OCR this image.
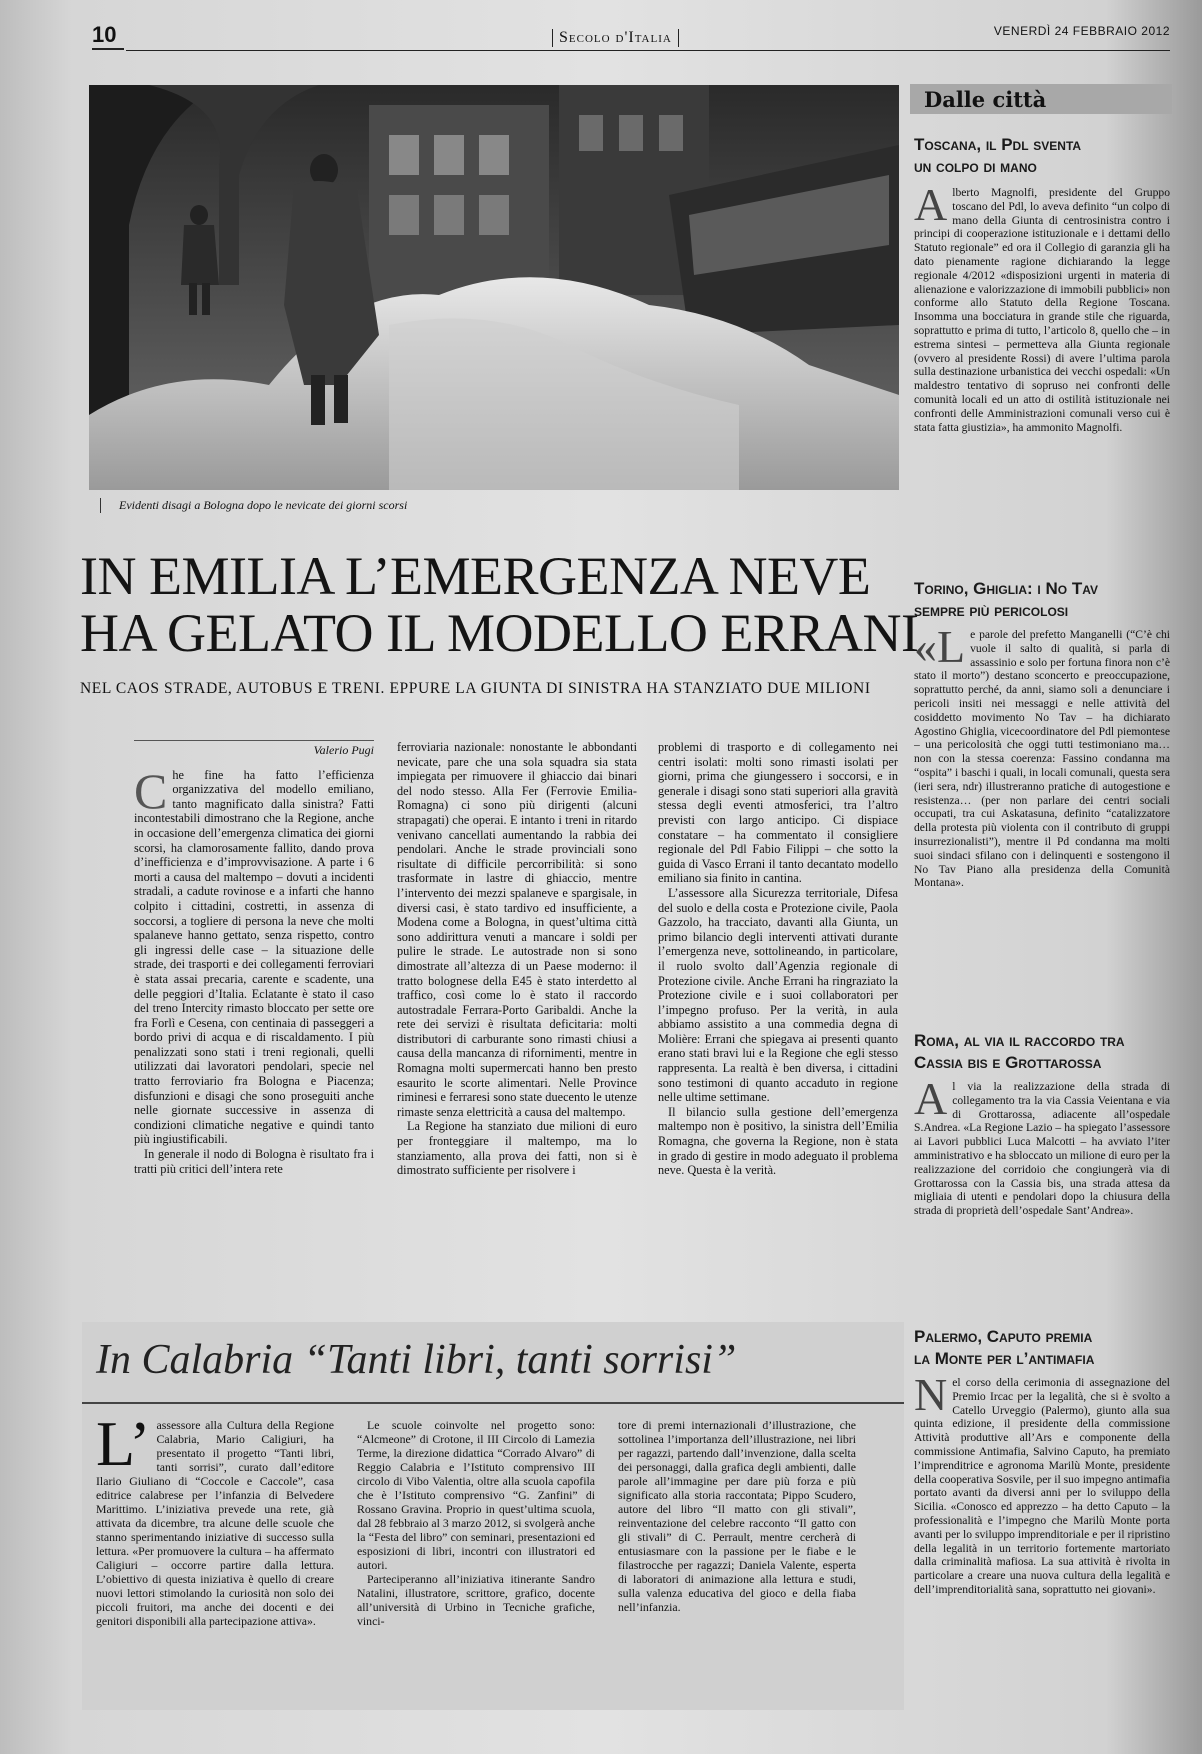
10	Secolo d'Italia	VENERDÌ 24 FEBBRAIO 2012
Evidenti disagi a Bologna dopo le nevicate dei giorni scorsi
IN EMILIA L’EMERGENZA NEVE
HA GELATO IL MODELLO ERRANI
NEL CAOS STRADE, AUTOBUS E TRENI. EPPURE LA GIUNTA DI SINISTRA HA STANZIATO DUE MILIONI
Valerio Pugi

Che fine ha fatto l’efficienza organizzativa del modello emiliano, tanto magnificato dalla sinistra? Fatti incontestabili dimostrano che la Regione, anche in occasione dell’emergenza climatica dei giorni scorsi, ha clamorosamente fallito, dando prova d’inefficienza e d’improvvisazione. A parte i 6 morti a causa del maltempo – dovuti a incidenti stradali, a cadute rovinose e a infarti che hanno colpito i cittadini, costretti, in assenza di soccorsi, a togliere di persona la neve che molti spalaneve hanno gettato, senza rispetto, contro gli ingressi delle case – la situazione delle strade, dei trasporti e dei collegamenti ferroviari è stata assai precaria, carente e scadente, una delle peggiori d’Italia. Eclatante è stato il caso del treno Intercity rimasto bloccato per sette ore fra Forlì e Cesena, con centinaia di passeggeri a bordo privi di acqua e di riscaldamento. I più penalizzati sono stati i treni regionali, quelli utilizzati dai lavoratori pendolari, specie nel tratto ferroviario fra Bologna e Piacenza; disfunzioni e disagi che sono proseguiti anche nelle giornate successive in assenza di condizioni climatiche negative e quindi tanto più ingiustificabili.

In generale il nodo di Bologna è risultato fra i tratti più critici dell’intera rete

ferroviaria nazionale: nonostante le abbondanti nevicate, pare che una sola squadra sia stata impiegata per rimuovere il ghiaccio dai binari del nodo stesso. Alla Fer (Ferrovie Emilia-Romagna) ci sono più dirigenti (alcuni strapagati) che operai. E intanto i treni in ritardo venivano cancellati aumentando la rabbia dei pendolari. Anche le strade provinciali sono risultate di difficile percorribilità: si sono trasformate in lastre di ghiaccio, mentre l’intervento dei mezzi spalaneve e spargisale, in diversi casi, è stato tardivo ed insufficiente, a Modena come a Bologna, in quest’ultima città sono addirittura venuti a mancare i soldi per pulire le strade. Le autostrade non si sono dimostrate all’altezza di un Paese moderno: il tratto bolognese della E45 è stato interdetto al traffico, così come lo è stato il raccordo autostradale Ferrara-Porto Garibaldi. Anche la rete dei servizi è risultata deficitaria: molti distributori di carburante sono rimasti chiusi a causa della mancanza di rifornimenti, mentre in Romagna molti supermercati hanno ben presto esaurito le scorte alimentari. Nelle Province riminesi e ferraresi sono state duecento le utenze rimaste senza elettricità a causa del maltempo.

La Regione ha stanziato due milioni di euro per fronteggiare il maltempo, ma lo stanziamento, alla prova dei fatti, non si è dimostrato sufficiente per risolvere i

problemi di trasporto e di collegamento nei centri isolati: molti sono rimasti isolati per giorni, prima che giungessero i soccorsi, e in generale i disagi sono stati superiori alla gravità stessa degli eventi atmosferici, tra l’altro previsti con largo anticipo. Ci dispiace constatare – ha commentato il consigliere regionale del Pdl Fabio Filippi – che sotto la guida di Vasco Errani il tanto decantato modello emiliano sia finito in cantina.

L’assessore alla Sicurezza territoriale, Difesa del suolo e della costa e Protezione civile, Paola Gazzolo, ha tracciato, davanti alla Giunta, un primo bilancio degli interventi attivati durante l’emergenza neve, sottolineando, in particolare, il ruolo svolto dall’Agenzia regionale di Protezione civile. Anche Errani ha ringraziato la Protezione civile e i suoi collaboratori per l’impegno profuso. Per la verità, in aula abbiamo assistito a una commedia degna di Molière: Errani che spiegava ai presenti quanto erano stati bravi lui e la Regione che egli stesso rappresenta. La realtà è ben diversa, i cittadini sono testimoni di quanto accaduto in regione nelle ultime settimane.

Il bilancio sulla gestione dell’emergenza maltempo non è positivo, la sinistra dell’Emilia Romagna, che governa la Regione, non è stata in grado di gestire in modo adeguato il problema neve. Questa è la verità.

In Calabria “Tanti libri, tanti sorrisi”

L’ assessore alla Cultura della Regione Calabria, Mario Caligiuri, ha presentato il progetto “Tanti libri, tanti sorrisi”, curato dall’editore Ilario Giuliano di “Coccole e Caccole”, casa editrice calabrese per l’infanzia di Belvedere Marittimo. L’iniziativa prevede una rete, già attivata da dicembre, tra alcune delle scuole che stanno sperimentando iniziative di successo sulla lettura. «Per promuovere la cultura – ha affermato Caligiuri – occorre partire dalla lettura. L’obiettivo di questa iniziativa è quello di creare nuovi lettori stimolando la curiosità non solo dei piccoli fruitori, ma anche dei docenti e dei genitori disponibili alla partecipazione attiva».

Le scuole coinvolte nel progetto sono: “Alcmeone” di Crotone, il III Circolo di Lamezia Terme, la direzione didattica “Corrado Alvaro” di Reggio Calabria e l’Istituto comprensivo III circolo di Vibo Valentia, oltre alla scuola capofila che è l’Istituto comprensivo “G. Zanfini” di Rossano Gravina. Proprio in quest’ultima scuola, dal 28 febbraio al 3 marzo 2012, si svolgerà anche la “Festa del libro” con seminari, presentazioni ed esposizioni di libri, incontri con illustratori ed autori.

Parteciperanno all’iniziativa itinerante Sandro Natalini, illustratore, scrittore, grafico, docente all’università di Urbino in Tecniche grafiche, vinci-

tore di premi internazionali d’illustrazione, che sottolinea l’importanza dell’illustrazione, nei libri per ragazzi, partendo dall’invenzione, dalla scelta dei personaggi, dalla grafica degli ambienti, dalle parole all’immagine per dare più forza e più significato alla storia raccontata; Pippo Scudero, autore del libro “Il matto con gli stivali”, reinventazione del celebre racconto “Il gatto con gli stivali” di C. Perrault, mentre cercherà di entusiasmare con la passione per le fiabe e le filastrocche per ragazzi; Daniela Valente, esperta di laboratori di animazione alla lettura e studi, sulla valenza educativa del gioco e della fiaba nell’infanzia.

Dalle città
Toscana, il Pdl sventa
un colpo di mano

Alberto Magnolfi, presidente del Gruppo toscano del Pdl, lo aveva definito “un colpo di mano della Giunta di centrosinistra contro i principi di cooperazione istituzionale e i dettami dello Statuto regionale” ed ora il Collegio di garanzia gli ha dato pienamente ragione dichiarando la legge regionale 4/2012 «disposizioni urgenti in materia di alienazione e valorizzazione di immobili pubblici» non conforme allo Statuto della Regione Toscana. Insomma una bocciatura in grande stile che riguarda, soprattutto e prima di tutto, l’articolo 8, quello che – in estrema sintesi – permetteva alla Giunta regionale (ovvero al presidente Rossi) di avere l’ultima parola sulla destinazione urbanistica dei vecchi ospedali: «Un maldestro tentativo di sopruso nei confronti delle comunità locali ed un atto di ostilità istituzionale nei confronti delle Amministrazioni comunali verso cui è stata fatta giustizia», ha ammonito Magnolfi.

Torino, Ghiglia: i No Tav
sempre più pericolosi

«Le parole del prefetto Manganelli (“C’è chi vuole il salto di qualità, si parla di assassinio e solo per fortuna finora non c’è stato il morto”) destano sconcerto e preoccupazione, soprattutto perché, da anni, siamo soli a denunciare i pericoli insiti nei messaggi e nelle attività del cosiddetto movimento No Tav – ha dichiarato Agostino Ghiglia, vicecoordinatore del Pdl piemontese – una pericolosità che oggi tutti testimoniano ma… non con la stessa coerenza: Fassino condanna ma “ospita” i baschi i quali, in locali comunali, questa sera (ieri sera, ndr) illustreranno pratiche di autogestione e resistenza… (per non parlare dei centri sociali occupati, tra cui Askatasuna, definito “catalizzatore della protesta più violenta con il contributo di gruppi insurrezionalisti”), mentre il Pd condanna ma molti suoi sindaci sfilano con i delinquenti e sostengono il No Tav Piano alla presidenza della Comunità Montana».

Roma, al via il raccordo tra
Cassia bis e Grottarossa

Al via la realizzazione della strada di collegamento tra la via Cassia Veientana e via di Grottarossa, adiacente all’ospedale S.Andrea. «La Regione Lazio – ha spiegato l’assessore ai Lavori pubblici Luca Malcotti – ha avviato l’iter amministrativo e ha sbloccato un milione di euro per la realizzazione del corridoio che congiungerà via di Grottarossa con la Cassia bis, una strada attesa da migliaia di utenti e pendolari dopo la chiusura della strada di proprietà dell’ospedale Sant’Andrea».

Palermo, Caputo premia
la Monte per l’antimafia

Nel corso della cerimonia di assegnazione del Premio Ircac per la legalità, che si è svolto a Catello Urveggio (Palermo), giunto alla sua quinta edizione, il presidente della commissione Attività produttive all’Ars e componente della commissione Antimafia, Salvino Caputo, ha premiato l’imprenditrice e agronoma Marilù Monte, presidente della cooperativa Sosvile, per il suo impegno antimafia portato avanti da diversi anni per lo sviluppo della Sicilia. «Conosco ed apprezzo – ha detto Caputo – la professionalità e l’impegno che Marilù Monte porta avanti per lo sviluppo imprenditoriale e per il ripristino della legalità in un territorio fortemente martoriato dalla criminalità mafiosa. La sua attività è rivolta in particolare a creare una nuova cultura della legalità e dell’imprenditorialità sana, soprattutto nei giovani».
